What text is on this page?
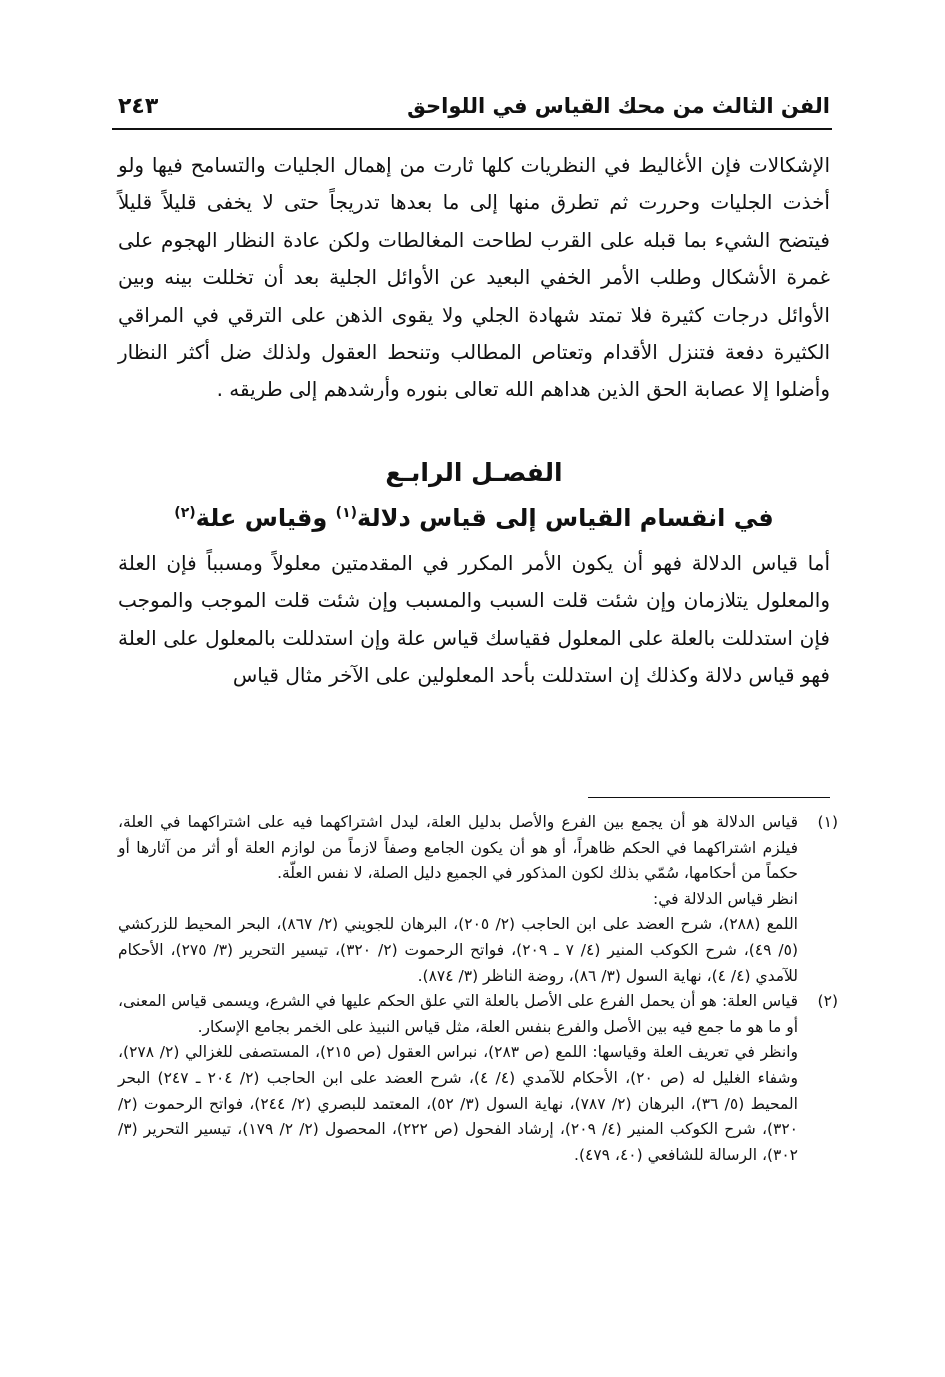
الفن الثالث من محك القياس في اللواحق
٢٤٣
الإشكالات فإن الأغاليط في النظريات كلها ثارت من إهمال الجليات والتسامح فيها ولو أخذت الجليات وحررت ثم تطرق منها إلى ما بعدها تدريجاً حتى لا يخفى قليلاً قليلاً فيتضح الشيء بما قبله على القرب لطاحت المغالطات ولكن عادة النظار الهجوم على غمرة الأشكال وطلب الأمر الخفي البعيد عن الأوائل الجلية بعد أن تخللت بينه وبين الأوائل درجات كثيرة فلا تمتد شهادة الجلي ولا يقوى الذهن على الترقي في المراقي الكثيرة دفعة فتنزل الأقدام وتعتاص المطالب وتنحط العقول ولذلك ضل أكثر النظار وأضلوا إلا عصابة الحق الذين هداهم الله تعالى بنوره وأرشدهم إلى طريقه .
الفصـل الرابـع
في انقسام القياس إلى قياس دلالة$^{(١)}$ وقياس علة$^{(٢)}$
أما قياس الدلالة فهو أن يكون الأمر المكرر في المقدمتين معلولاً ومسبباً فإن العلة والمعلول يتلازمان وإن شئت قلت السبب والمسبب وإن شئت قلت الموجب والموجب فإن استدللت بالعلة على المعلول فقياسك قياس علة وإن استدللت بالمعلول على العلة فهو قياس دلالة وكذلك إن استدللت بأحد المعلولين على الآخر مثال قياس
(١)

قياس الدلالة هو أن يجمع بين الفرع والأصل بدليل العلة، ليدل اشتراكهما فيه على اشتراكهما في العلة، فيلزم اشتراكهما في الحكم ظاهراً، أو هو أن يكون الجامع وصفاً لازماً من لوازم العلة أو أثر من آثارها أو حكماً من أحكامها، سُمّي بذلك لكون المذكور في الجميع دليل الصلة، لا نفس العلّة.

انظر قياس الدلالة في:

اللمع (٢٨٨)، شرح العضد على ابن الحاجب (٢/ ٢٠٥)، البرهان للجويني (٢/ ٨٦٧)، البحر المحيط للزركشي (٥/ ٤٩)، شرح الكوكب المنير (٤/ ٧ ـ ٢٠٩)، فواتح الرحموت (٢/ ٣٢٠)، تيسير التحرير (٣/ ٢٧٥)، الأحكام للآمدي (٤/ ٤)، نهاية السول (٣/ ٨٦)، روضة الناظر (٣/ ٨٧٤).

(٢)

قياس العلة: هو أن يحمل الفرع على الأصل بالعلة التي علق الحكم عليها في الشرع، ويسمى قياس المعنى، أو ما هو ما جمع فيه بين الأصل والفرع بنفس العلة، مثل قياس النبيذ على الخمر بجامع الإسكار.

وانظر في تعريف العلة وقياسها: اللمع (ص ٢٨٣)، نبراس العقول (ص ٢١٥)، المستصفى للغزالي (٢/ ٢٧٨)، وشفاء الغليل له (ص ٢٠)، الأحكام للآمدي (٤/ ٤)، شرح العضد على ابن الحاجب (٢/ ٢٠٤ ـ ٢٤٧) البحر المحيط (٥/ ٣٦)، البرهان (٢/ ٧٨٧)، نهاية السول (٣/ ٥٢)، المعتمد للبصري (٢/ ٢٤٤)، فواتح الرحموت (٢/ ٣٢٠)، شرح الكوكب المنير (٤/ ٢٠٩)، إرشاد الفحول (ص ٢٢٢)، المحصول (٢/ ٢/ ١٧٩)، تيسير التحرير (٣/ ٣٠٢)، الرسالة للشافعي (٤٠، ٤٧٩).
